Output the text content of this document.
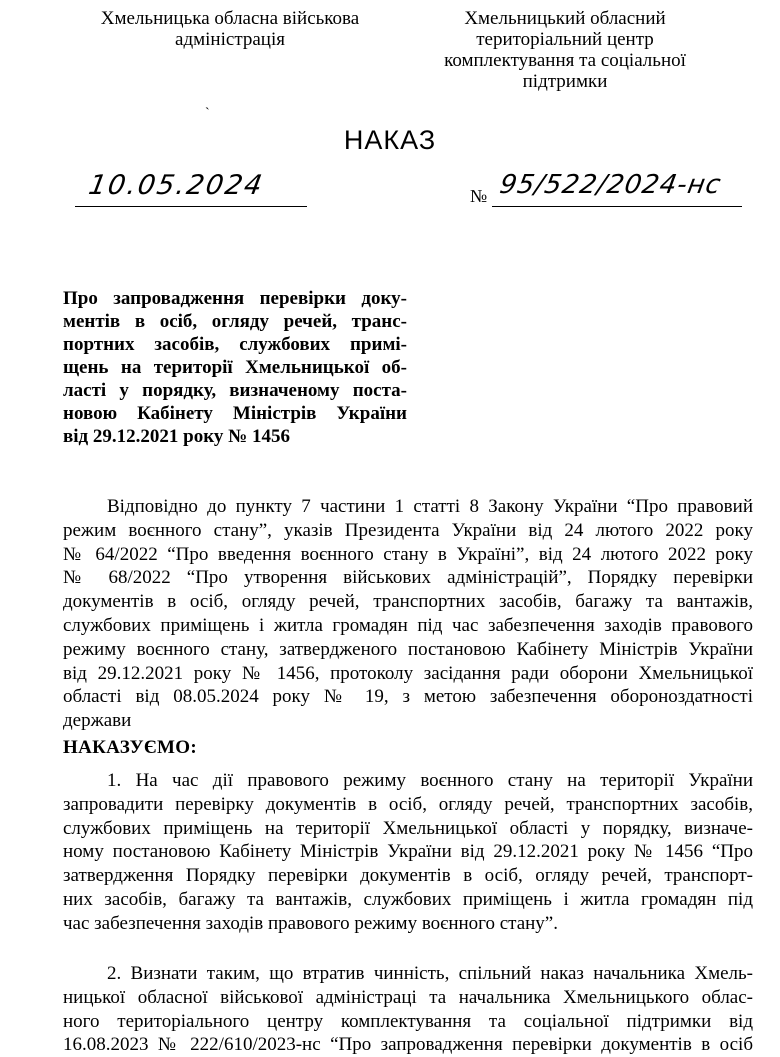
Хмельницька обласна військова
адміністрація
Хмельницький обласний
територіальний центр
комплектування та соціальної
підтримки
`
НАКАЗ
10.05.2024	№ 95/522/2024-нс
Про запровадження перевірки доку-
ментів в осіб, огляду речей, транс-
портних засобів, службових примі-
щень на території Хмельницької об-
ласті у порядку, визначеному поста-
новою Кабінету Міністрів України
від 29.12.2021 року № 1456
Відповідно до пункту 7 частини 1 статті 8 Закону України “Про правовий
режим воєнного стану”, указів Президента України від 24 лютого 2022 року
№ 64/2022 “Про введення воєнного стану в Україні”, від 24 лютого 2022 року
№ 68/2022 “Про утворення військових адміністрацій”, Порядку перевірки
документів в осіб, огляду речей, транспортних засобів, багажу та вантажів,
службових приміщень і житла громадян під час забезпечення заходів правового
режиму воєнного стану, затвердженого постановою Кабінету Міністрів України
від 29.12.2021 року № 1456, протоколу засідання ради оборони Хмельницької
області від 08.05.2024 року № 19, з метою забезпечення обороноздатності
держави
НАКАЗУЄМО:
1. На час дії правового режиму воєнного стану на території України
запровадити перевірку документів в осіб, огляду речей, транспортних засобів,
службових приміщень на території Хмельницької області у порядку, визначе-
ному постановою Кабінету Міністрів України від 29.12.2021 року № 1456 “Про
затвердження Порядку перевірки документів в осіб, огляду речей, транспорт-
них засобів, багажу та вантажів, службових приміщень і житла громадян під
час забезпечення заходів правового режиму воєнного стану”.
2. Визнати таким, що втратив чинність, спільний наказ начальника Хмель-
ницької обласної військової адміністраці та начальника Хмельницького облас-
ного територіального центру комплектування та соціальної підтримки від
16.08.2023 № 222/610/2023-нс “Про запровадження перевірки документів в осіб
